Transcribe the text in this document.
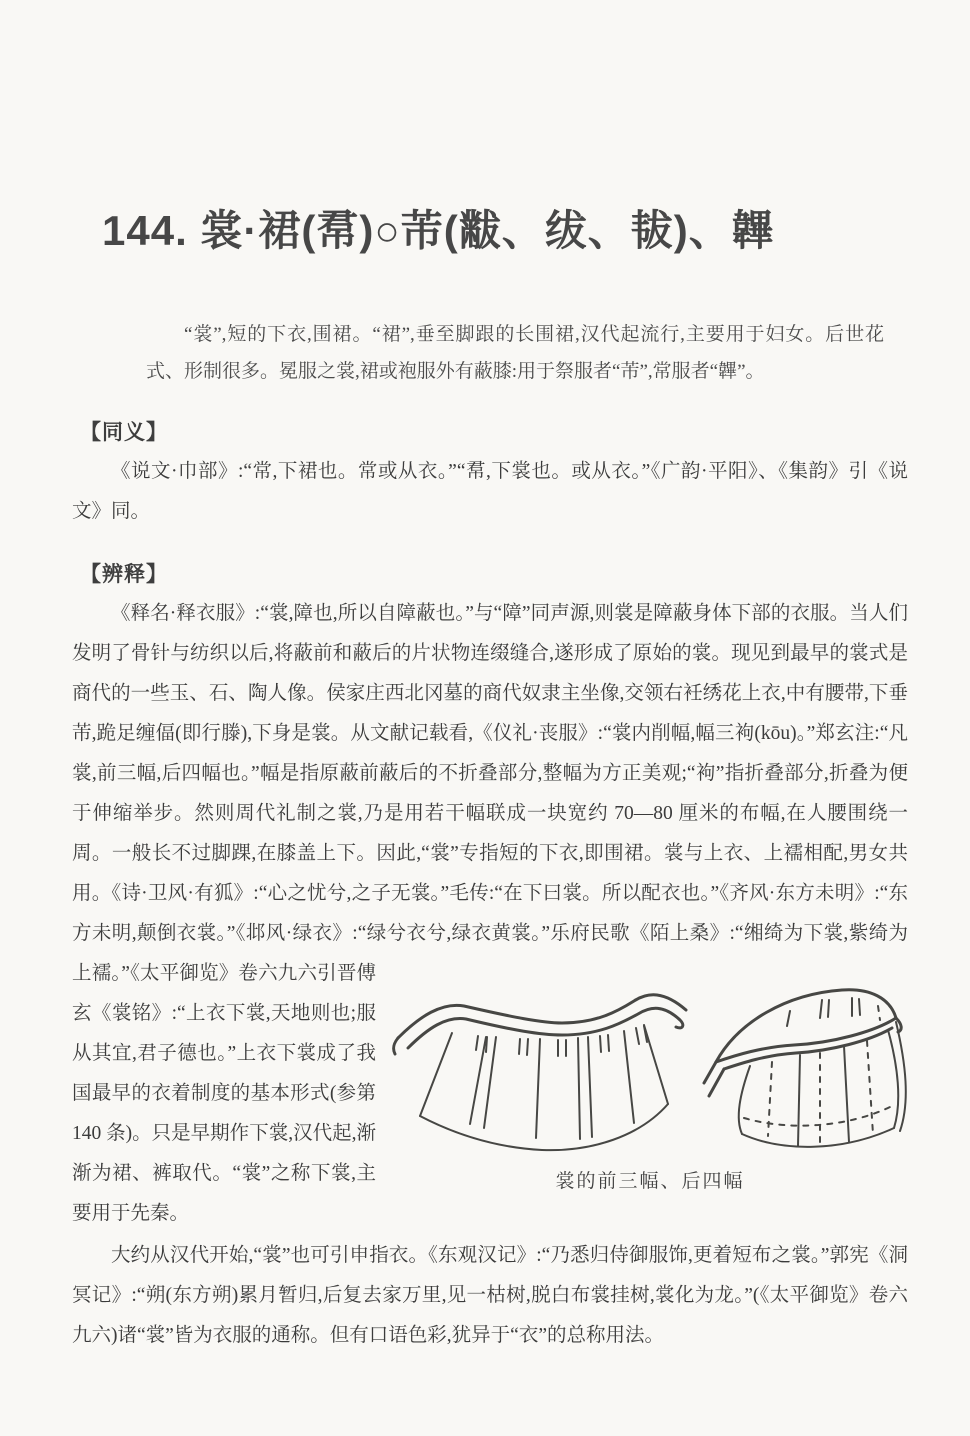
144. 裳·裙(帬)○芾(黻、绂、韨)、韠

“裳”,短的下衣,围裙。“裙”,垂至脚跟的长围裙,汉代起流行,主要用于妇女。后世花式、形制很多。冕服之裳,裙或袍服外有蔽膝:用于祭服者“芾”,常服者“韠”。

【同义】

《说文·巾部》:“常,下裙也。常或从衣。”“帬,下裳也。或从衣。”《广韵·平阳》、《集韵》引《说文》同。

【辨释】

《释名·释衣服》:“裳,障也,所以自障蔽也。”与“障”同声源,则裳是障蔽身体下部的衣服。当人们发明了骨针与纺织以后,将蔽前和蔽后的片状物连缀缝合,遂形成了原始的裳。现见到最早的裳式是商代的一些玉、石、陶人像。侯家庄西北冈墓的商代奴隶主坐像,交领右衽绣花上衣,中有腰带,下垂芾,跪足缠偪(即行滕),下身是裳。从文献记载看,《仪礼·丧服》:“裳内削幅,幅三袧(kōu)。”郑玄注:“凡裳,前三幅,后四幅也。”幅是指原蔽前蔽后的不折叠部分,整幅为方正美观;“袧”指折叠部分,折叠为便于伸缩举步。然则周代礼制之裳,乃是用若干幅联成一块宽约 70—80 厘米的布幅,在人腰围绕一周。一般长不过脚踝,在膝盖上下。因此,“裳”专指短的下衣,即围裙。裳与上衣、上襦相配,男女共用。《诗·卫风·有狐》:“心之忧兮,之子无裳。”毛传:“在下曰裳。所以配衣也。”《齐风·东方未明》:“东方未明,颠倒衣裳。”《邶风·绿衣》:“绿兮衣兮,绿衣黄裳。”乐府民歌《陌上桑》:“缃绮为下裳,紫绮为上襦。”《太平御览》卷六九六
裳的前三幅、后四幅
引晋傅玄《裳铭》:“上衣下裳,天地则也;服从其宜,君子德也。”上衣下裳成了我国最早的衣着制度的基本形式(参第 140 条)。只是早期作下裳,汉代起,渐渐为裙、裤取代。“裳”之称下裳,主要用于先秦。

大约从汉代开始,“裳”也可引申指衣。《东观汉记》:“乃悉归侍御服饰,更着短布之裳。”郭宪《洞冥记》:“朔(东方朔)累月暂归,后复去家万里,见一枯树,脱白布裳挂树,裳化为龙。”(《太平御览》卷六九六)诸“裳”皆为衣服的通称。但有口语色彩,犹异于“衣”的总称用法。
